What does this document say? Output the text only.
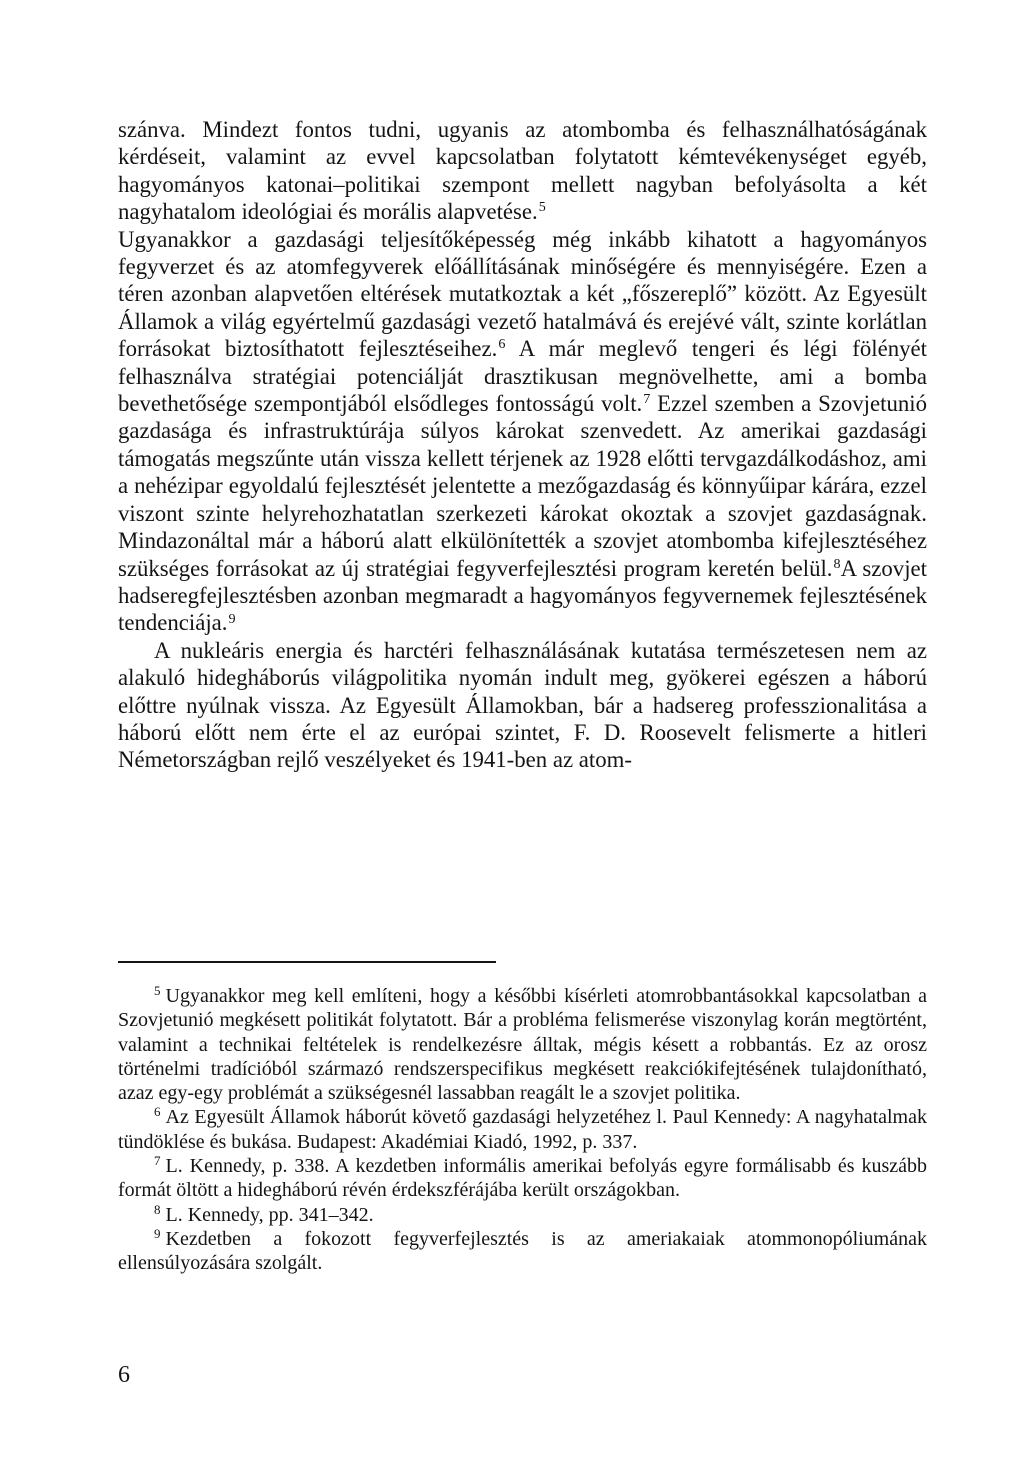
szánva. Mindezt fontos tudni, ugyanis az atombomba és felhasználhatóságának kérdéseit, valamint az evvel kapcsolatban folytatott kémtevékenységet egyéb, hagyományos katonai–politikai szempont mellett nagyban befolyásolta a két nagyhatalom ideológiai és morális alapvetése.$^5$
Ugyanakkor a gazdasági teljesítőképesség még inkább kihatott a hagyományos fegyverzet és az atomfegyverek előállításának minőségére és mennyiségére. Ezen a téren azonban alapvetően eltérések mutatkoztak a két „főszereplő” között. Az Egyesült Államok a világ egyértelmű gazdasági vezető hatalmává és erejévé vált, szinte korlátlan forrásokat biztosíthatott fejlesztéseihez.$^6$ A már meglevő tengeri és légi fölényét felhasználva stratégiai potenciálját drasztikusan megnövelhette, ami a bomba bevethetősége szempontjából elsődleges fontosságú volt.$^7$ Ezzel szemben a Szovjetunió gazdasága és infrastruktúrája súlyos károkat szenvedett. Az amerikai gazdasági támogatás megszűnte után vissza kellett térjenek az 1928 előtti tervgazdálkodáshoz, ami a nehézipar egyoldalú fejlesztését jelentette a mezőgazdaság és könnyűipar kárára, ezzel viszont szinte helyrehozhatatlan szerkezeti károkat okoztak a szovjet gazdaságnak. Mindazonáltal már a háború alatt elkülönítették a szovjet atombomba kifejlesztéséhez szükséges forrásokat az új stratégiai fegyverfejlesztési program keretén belül.$^8$A szovjet hadseregfejlesztésben azonban megmaradt a hagyományos fegyvernemek fejlesztésének tendenciája.$^9$

A nukleáris energia és harctéri felhasználásának kutatása természetesen nem az alakuló hidegháborús világpolitika nyomán indult meg, gyökerei egészen a háború előttre nyúlnak vissza. Az Egyesült Államokban, bár a hadsereg professzionalitása a háború előtt nem érte el az európai szintet, F. D. Roosevelt felismerte a hitleri Németországban rejlő veszélyeket és 1941-ben az atom-

$^5$ Ugyanakkor meg kell említeni, hogy a későbbi kísérleti atomrobbantásokkal kapcsolatban a Szovjetunió megkésett politikát folytatott. Bár a probléma felismerése viszonylag korán megtörtént, valamint a technikai feltételek is rendelkezésre álltak, mégis késett a robbantás. Ez az orosz történelmi tradícióból származó rendszerspecifikus megkésett reakciókifejtésének tulajdonítható, azaz egy-egy problémát a szükségesnél lassabban reagált le a szovjet politika.

$^6$ Az Egyesült Államok háborút követő gazdasági helyzetéhez l. Paul Kennedy: A nagyhatalmak tündöklése és bukása. Budapest: Akadémiai Kiadó, 1992, p. 337.

$^7$ L. Kennedy, p. 338. A kezdetben informális amerikai befolyás egyre formálisabb és kuszább formát öltött a hidegháború révén érdekszférájába került országokban.

$^8$ L. Kennedy, pp. 341–342.

$^9$ Kezdetben a fokozott fegyverfejlesztés is az ameriakaiak atommonopóliumának ellensúlyozására szolgált.

6
